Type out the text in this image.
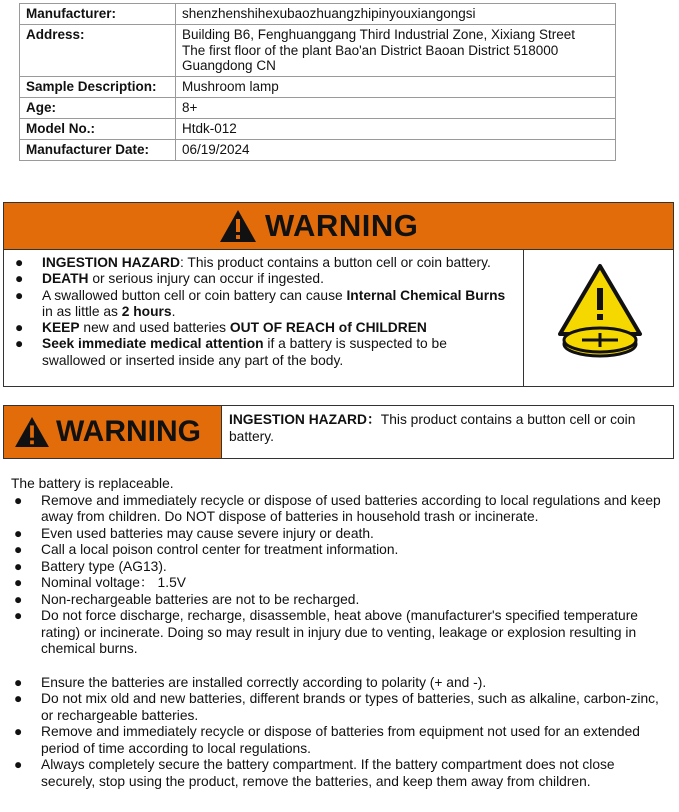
Manufacturer:	shenzhenshihexubaozhuangzhipinyouxiangongsi
Address:	Building B6, Fenghuanggang Third Industrial Zone, Xixiang Street
The first floor of the plant Bao'an District Baoan District 518000
Guangdong CN
Sample Description:	Mushroom lamp
Age:	8+
Model No.:	Htdk-012
Manufacturer Date:	06/19/2024
WARNING
● INGESTION HAZARD: This product contains a button cell or coin battery.
● DEATH or serious injury can occur if ingested.
● A swallowed button cell or coin battery can cause Internal Chemical Burns in as little as 2 hours.
● KEEP new and used batteries OUT OF REACH of CHILDREN
● Seek immediate medical attention if a battery is suspected to be swallowed or inserted inside any part of the body.
WARNING INGESTION HAZARD：This product contains a button cell or coin battery.
The battery is replaceable.
● Remove and immediately recycle or dispose of used batteries according to local regulations and keep away from children. Do NOT dispose of batteries in household trash or incinerate.
● Even used batteries may cause severe injury or death.
● Call a local poison control center for treatment information.
● Battery type (AG13).
● Nominal voltage： 1.5V
● Non-rechargeable batteries are not to be recharged.
● Do not force discharge, recharge, disassemble, heat above (manufacturer's specified temperature rating) or incinerate. Doing so may result in injury due to venting, leakage or explosion resulting in chemical burns.
● Ensure the batteries are installed correctly according to polarity (+ and -).
● Do not mix old and new batteries, different brands or types of batteries, such as alkaline, carbon-zinc, or rechargeable batteries.
● Remove and immediately recycle or dispose of batteries from equipment not used for an extended period of time according to local regulations.
● Always completely secure the battery compartment. If the battery compartment does not close securely, stop using the product, remove the batteries, and keep them away from children.
